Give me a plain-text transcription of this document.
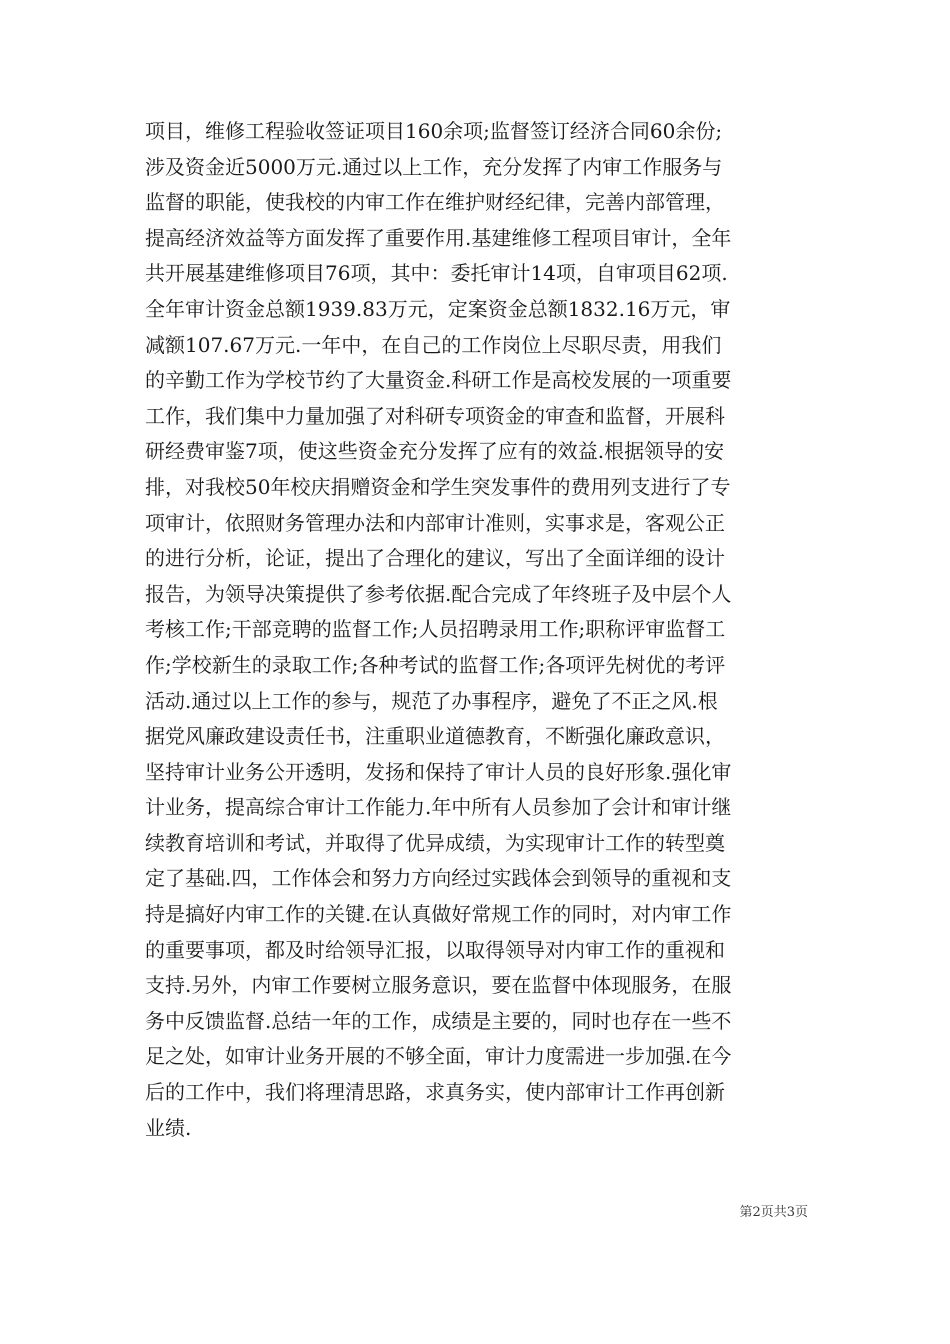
项目，维修工程验收签证项目160余项;监督签订经济合同60余份;
涉及资金近5000万元.通过以上工作，充分发挥了内审工作服务与
监督的职能，使我校的内审工作在维护财经纪律，完善内部管理，
提高经济效益等方面发挥了重要作用.基建维修工程项目审计，全年
共开展基建维修项目76项，其中：委托审计14项，自审项目62项.
全年审计资金总额1939.83万元，定案资金总额1832.16万元，审
减额107.67万元.一年中，在自己的工作岗位上尽职尽责，用我们
的辛勤工作为学校节约了大量资金.科研工作是高校发展的一项重要
工作，我们集中力量加强了对科研专项资金的审查和监督，开展科
研经费审鉴7项，使这些资金充分发挥了应有的效益.根据领导的安
排，对我校50年校庆捐赠资金和学生突发事件的费用列支进行了专
项审计，依照财务管理办法和内部审计准则，实事求是，客观公正
的进行分析，论证，提出了合理化的建议，写出了全面详细的设计
报告，为领导决策提供了参考依据.配合完成了年终班子及中层个人
考核工作;干部竞聘的监督工作;人员招聘录用工作;职称评审监督工
作;学校新生的录取工作;各种考试的监督工作;各项评先树优的考评
活动.通过以上工作的参与，规范了办事程序，避免了不正之风.根
据党风廉政建设责任书，注重职业道德教育，不断强化廉政意识，
坚持审计业务公开透明，发扬和保持了审计人员的良好形象.强化审
计业务，提高综合审计工作能力.年中所有人员参加了会计和审计继
续教育培训和考试，并取得了优异成绩，为实现审计工作的转型奠
定了基础.四，工作体会和努力方向经过实践体会到领导的重视和支
持是搞好内审工作的关键.在认真做好常规工作的同时，对内审工作
的重要事项，都及时给领导汇报，以取得领导对内审工作的重视和
支持.另外，内审工作要树立服务意识，要在监督中体现服务，在服
务中反馈监督.总结一年的工作，成绩是主要的，同时也存在一些不
足之处，如审计业务开展的不够全面，审计力度需进一步加强.在今
后的工作中，我们将理清思路，求真务实，使内部审计工作再创新
业绩.
第2页共3页
